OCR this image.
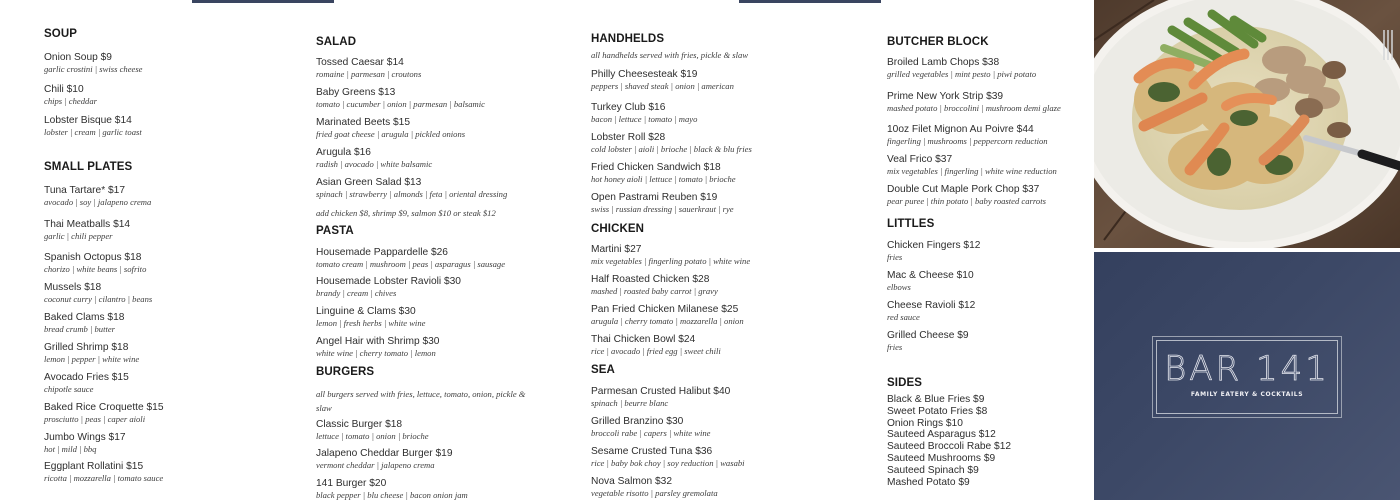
SOUP
Onion Soup $9
garlic crostini | swiss cheese
Chili $10
chips | cheddar
Lobster Bisque $14
lobster | cream | garlic toast
SMALL PLATES
Tuna Tartare* $17
avocado | soy | jalapeno crema
Thai Meatballs $14
garlic | chili pepper
Spanish Octopus $18
chorizo | white beans | sofrito
Mussels $18
coconut curry | cilantro | beans
Baked Clams $18
bread crumb | butter
Grilled Shrimp $18
lemon | pepper | white wine
Avocado Fries $15
chipotle sauce
Baked Rice Croquette $15
prosciutto | peas | caper aioli
Jumbo Wings $17
hot | mild | bbq
Eggplant Rollatini $15
ricotta | mozzarella | tomato sauce
SALAD
Tossed Caesar $14
romaine | parmesan | croutons
Baby Greens $13
tomato | cucumber | onion | parmesan | balsamic
Marinated Beets $15
fried goat cheese | arugula | pickled onions
Arugula $16
radish | avocado | white balsamic
Asian Green Salad $13
spinach | strawberry | almonds | feta | oriental dressing
add chicken $8, shrimp $9, salmon $10 or steak $12
PASTA
Housemade Pappardelle $26
tomato cream | mushroom | peas | asparagus | sausage
Housemade Lobster Ravioli $30
brandy | cream | chives
Linguine & Clams $30
lemon | fresh herbs | white wine
Angel Hair with Shrimp $30
white wine | cherry tomato | lemon
BURGERS
all burgers served with fries, lettuce, tomato, onion, pickle & slaw
Classic Burger $18
lettuce | tomato | onion | brioche
Jalapeno Cheddar Burger $19
vermont cheddar | jalapeno crema
141 Burger $20
black pepper | blu cheese | bacon onion jam
HANDHELDS
all handhelds served with fries, pickle & slaw
Philly Cheesesteak $19
peppers | shaved steak | onion | american
Turkey Club $16
bacon | lettuce | tomato | mayo
Lobster Roll $28
cold lobster | aioli | brioche | black & blu fries
Fried Chicken Sandwich $18
hot honey aioli | lettuce | tomato | brioche
Open Pastrami Reuben $19
swiss | russian dressing | sauerkraut | rye
CHICKEN
Martini $27
mix vegetables | fingerling potato | white wine
Half Roasted Chicken $28
mashed | roasted baby carrot | gravy
Pan Fried Chicken Milanese $25
arugula | cherry tomato | mozzarella | onion
Thai Chicken Bowl $24
rice | avocado | fried egg | sweet chili
SEA
Parmesan Crusted Halibut $40
spinach | beurre blanc
Grilled Branzino $30
broccoli rabe | capers | white wine
Sesame Crusted Tuna $36
rice | baby bok choy | soy reduction | wasabi
Nova Salmon $32
vegetable risotto | parsley gremolata
BUTCHER BLOCK
Broiled Lamb Chops $38
grilled vegetables | mint pesto | piwi potato
Prime New York Strip $39
mashed potato | broccolini | mushroom demi glaze
10oz Filet Mignon Au Poivre $44
fingerling | mushrooms | peppercorn reduction
Veal Frico $37
mix vegetables | fingerling | white wine reduction
Double Cut Maple Pork Chop $37
pear puree | thin potato | baby roasted carrots
LITTLES
Chicken Fingers $12
fries
Mac & Cheese $10
elbows
Cheese Ravioli $12
red sauce
Grilled Cheese $9
fries
SIDES
Black & Blue Fries $9
Sweet Potato Fries $8
Onion Rings $10
Sauteed Asparagus $12
Sauteed Broccoli Rabe $12
Sauteed Mushrooms $9
Sauteed Spinach $9
Mashed Potato $9
BAR 141
FAMILY EATERY & COCKTAILS
